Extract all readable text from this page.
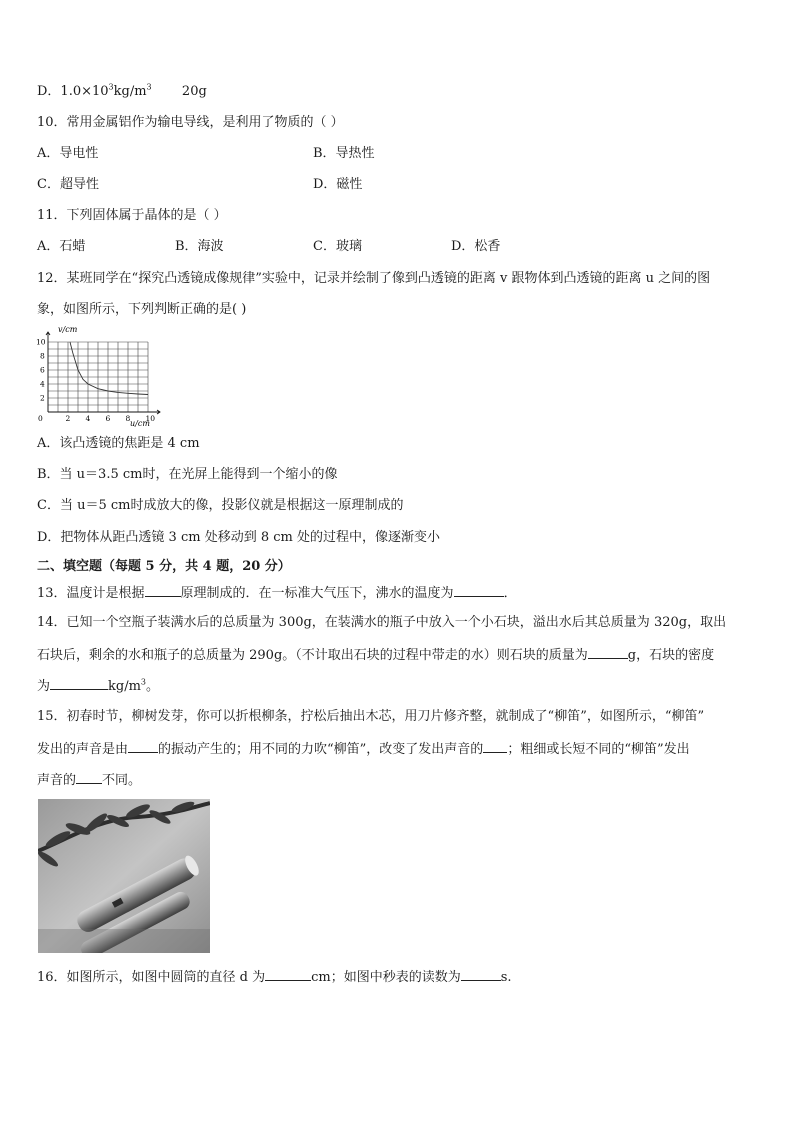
D．$1.0\times 10^3kg/m^3$ 20g
10．常用金属铝作为输电导线，是利用了物质的（ ）
A．导电性	B．导热性
C．超导性	D．磁性
11．下列固体属于晶体的是（ ）
A．石蜡	B．海波	C．玻璃	D．松香
12．某班同学在“探究凸透镜成像规律”实验中，记录并绘制了像到凸透镜的距离 v 跟物体到凸透镜的距离 u 之间的图
象，如图所示，下列判断正确的是( )
v/cm
u/cm
0	2 4 6 8 10
2
4
6
8
10
A．该凸透镜的焦距是 4 cm
B．当 u＝3.5 cm时，在光屏上能得到一个缩小的像
C．当 u＝5 cm时成放大的像，投影仪就是根据这一原理制成的
D．把物体从距凸透镜 3 cm 处移动到 8 cm 处的过程中，像逐渐变小
二、填空题（每题 5 分，共 4 题，20 分）
13．温度计是根据	原理制成的．在一标准大气压下，沸水的温度为	．
14．已知一个空瓶子装满水后的总质量为 300g，在装满水的瓶子中放入一个小石块，溢出水后其总质量为 320g，取出
石块后，剩余的水和瓶子的总质量为 290g。（不计取出石块的过程中带走的水）则石块的质量为	g，石块的密度
为	$kg/m^3$。
15．初春时节，柳树发芽，你可以折根柳条，拧松后抽出木芯，用刀片修齐整，就制成了“柳笛”，如图所示，“柳笛”
发出的声音是由 的振动产生的；用不同的力吹“柳笛”，改变了发出声音的 ；粗细或长短不同的“柳笛”发出
声音的 不同。
16．如图所示，如图中圆筒的直径 d 为	cm；如图中秒表的读数为	s.
